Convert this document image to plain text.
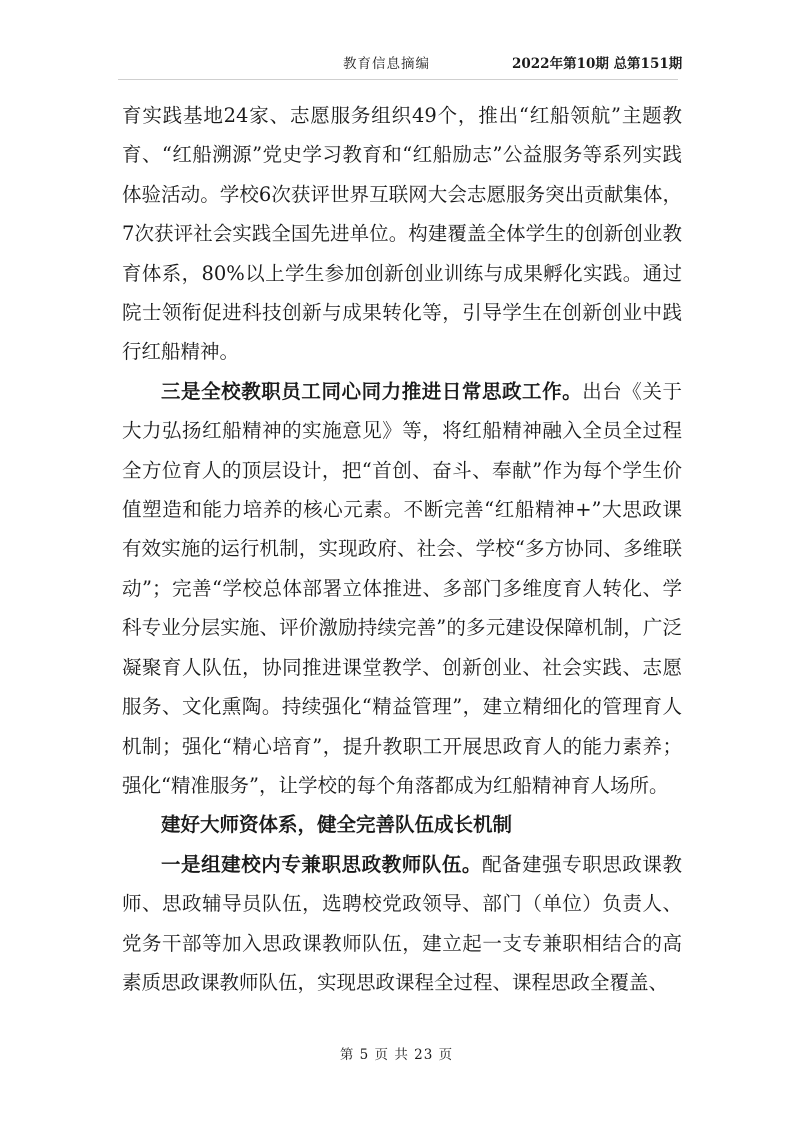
教育信息摘编	2022年第10期 总第151期

育实践基地24家、志愿服务组织49个，推出“红船领航”主题教育、“红船溯源”党史学习教育和“红船励志”公益服务等系列实践体验活动。学校6次获评世界互联网大会志愿服务突出贡献集体，7次获评社会实践全国先进单位。构建覆盖全体学生的创新创业教育体系，80%以上学生参加创新创业训练与成果孵化实践。通过院士领衔促进科技创新与成果转化等，引导学生在创新创业中践行红船精神。

三是全校教职员工同心同力推进日常思政工作。出台《关于大力弘扬红船精神的实施意见》等，将红船精神融入全员全过程全方位育人的顶层设计，把“首创、奋斗、奉献”作为每个学生价值塑造和能力培养的核心元素。不断完善“红船精神+”大思政课有效实施的运行机制，实现政府、社会、学校“多方协同、多维联动”；完善“学校总体部署立体推进、多部门多维度育人转化、学科专业分层实施、评价激励持续完善”的多元建设保障机制，广泛凝聚育人队伍，协同推进课堂教学、创新创业、社会实践、志愿服务、文化熏陶。持续强化“精益管理”，建立精细化的管理育人机制；强化“精心培育”，提升教职工开展思政育人的能力素养；强化“精准服务”，让学校的每个角落都成为红船精神育人场所。

建好大师资体系，健全完善队伍成长机制

一是组建校内专兼职思政教师队伍。配备建强专职思政课教师、思政辅导员队伍，选聘校党政领导、部门（单位）负责人、党务干部等加入思政课教师队伍，建立起一支专兼职相结合的高素质思政课教师队伍，实现思政课程全过程、课程思政全覆盖、

第 5 页 共 23 页
